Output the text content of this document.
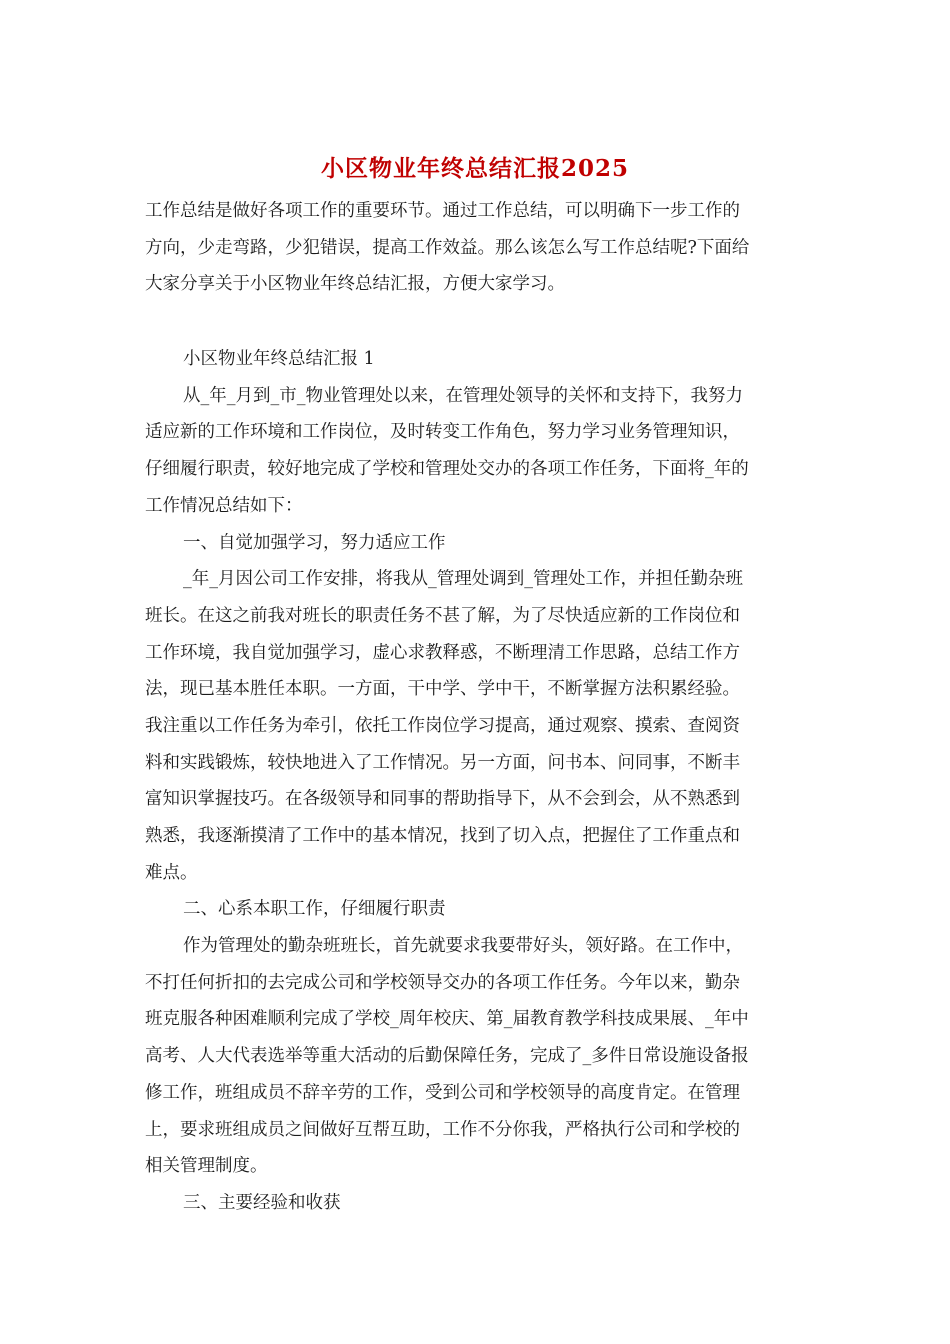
小区物业年终总结汇报2025
工作总结是做好各项工作的重要环节。通过工作总结，可以明确下一步工作的
方向，少走弯路，少犯错误，提高工作效益。那么该怎么写工作总结呢?下面给
大家分享关于小区物业年终总结汇报，方便大家学习。
小区物业年终总结汇报 1
从_年_月到_市_物业管理处以来，在管理处领导的关怀和支持下，我努力
适应新的工作环境和工作岗位，及时转变工作角色，努力学习业务管理知识，
仔细履行职责，较好地完成了学校和管理处交办的各项工作任务，下面将_年的
工作情况总结如下：
一、自觉加强学习，努力适应工作
_年_月因公司工作安排，将我从_管理处调到_管理处工作，并担任勤杂班
班长。在这之前我对班长的职责任务不甚了解，为了尽快适应新的工作岗位和
工作环境，我自觉加强学习，虚心求教释惑，不断理清工作思路，总结工作方
法，现已基本胜任本职。一方面，干中学、学中干，不断掌握方法积累经验。
我注重以工作任务为牵引，依托工作岗位学习提高，通过观察、摸索、查阅资
料和实践锻炼，较快地进入了工作情况。另一方面，问书本、问同事，不断丰
富知识掌握技巧。在各级领导和同事的帮助指导下，从不会到会，从不熟悉到
熟悉，我逐渐摸清了工作中的基本情况，找到了切入点，把握住了工作重点和
难点。
二、心系本职工作，仔细履行职责
作为管理处的勤杂班班长，首先就要求我要带好头，领好路。在工作中，
不打任何折扣的去完成公司和学校领导交办的各项工作任务。今年以来，勤杂
班克服各种困难顺利完成了学校_周年校庆、第_届教育教学科技成果展、_年中
高考、人大代表选举等重大活动的后勤保障任务，完成了_多件日常设施设备报
修工作，班组成员不辞辛劳的工作，受到公司和学校领导的高度肯定。在管理
上，要求班组成员之间做好互帮互助，工作不分你我，严格执行公司和学校的
相关管理制度。
三、主要经验和收获
